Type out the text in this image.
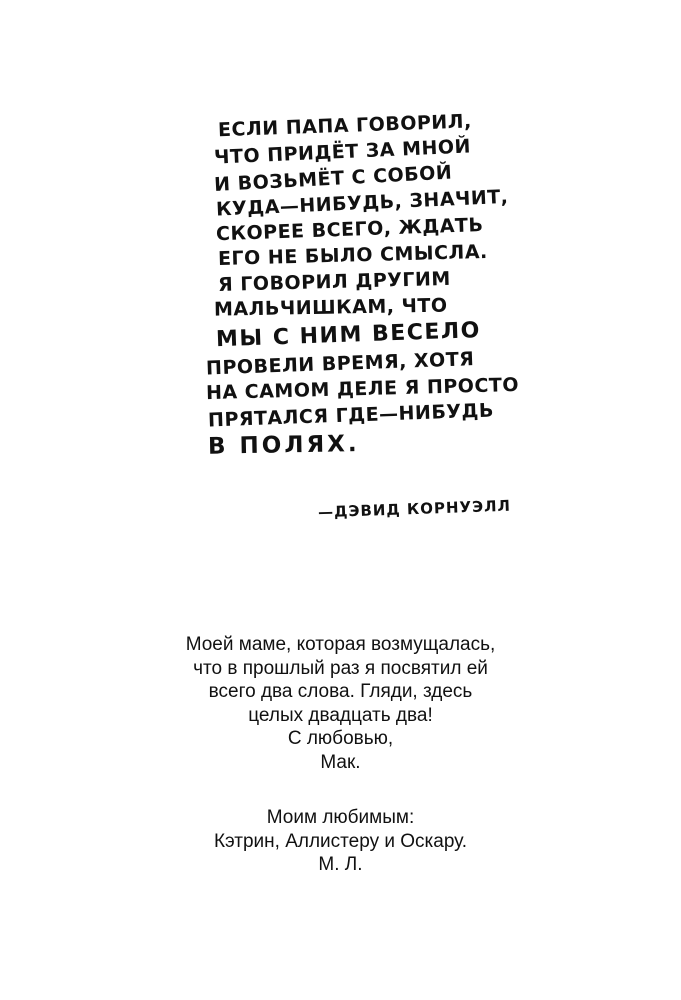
ЕСЛИ ПАПА ГОВОРИЛ,
ЧТО ПРИДЁТ ЗА МНОЙ
И ВОЗЬМЁТ С СОБОЙ
КУДА—НИБУДЬ, ЗНАЧИТ,
СКОРЕЕ ВСЕГО, ЖДАТЬ
ЕГО НЕ БЫЛО СМЫСЛА.
Я ГОВОРИЛ ДРУГИМ
МАЛЬЧИШКАМ, ЧТО
МЫ С НИМ ВЕСЕЛО
ПРОВЕЛИ ВРЕМЯ, ХОТЯ
НА САМОМ ДЕЛЕ Я ПРОСТО
ПРЯТАЛСЯ ГДЕ—НИБУДЬ
В ПОЛЯХ.
—ДЭВИД КОРНУЭЛЛ
Моей маме, которая возмущалась,
что в прошлый раз я посвятил ей
всего два слова. Гляди, здесь
целых двадцать два!
С любовью,
Мак.
Моим любимым:
Кэтрин, Аллистеру и Оскару.
М. Л.
